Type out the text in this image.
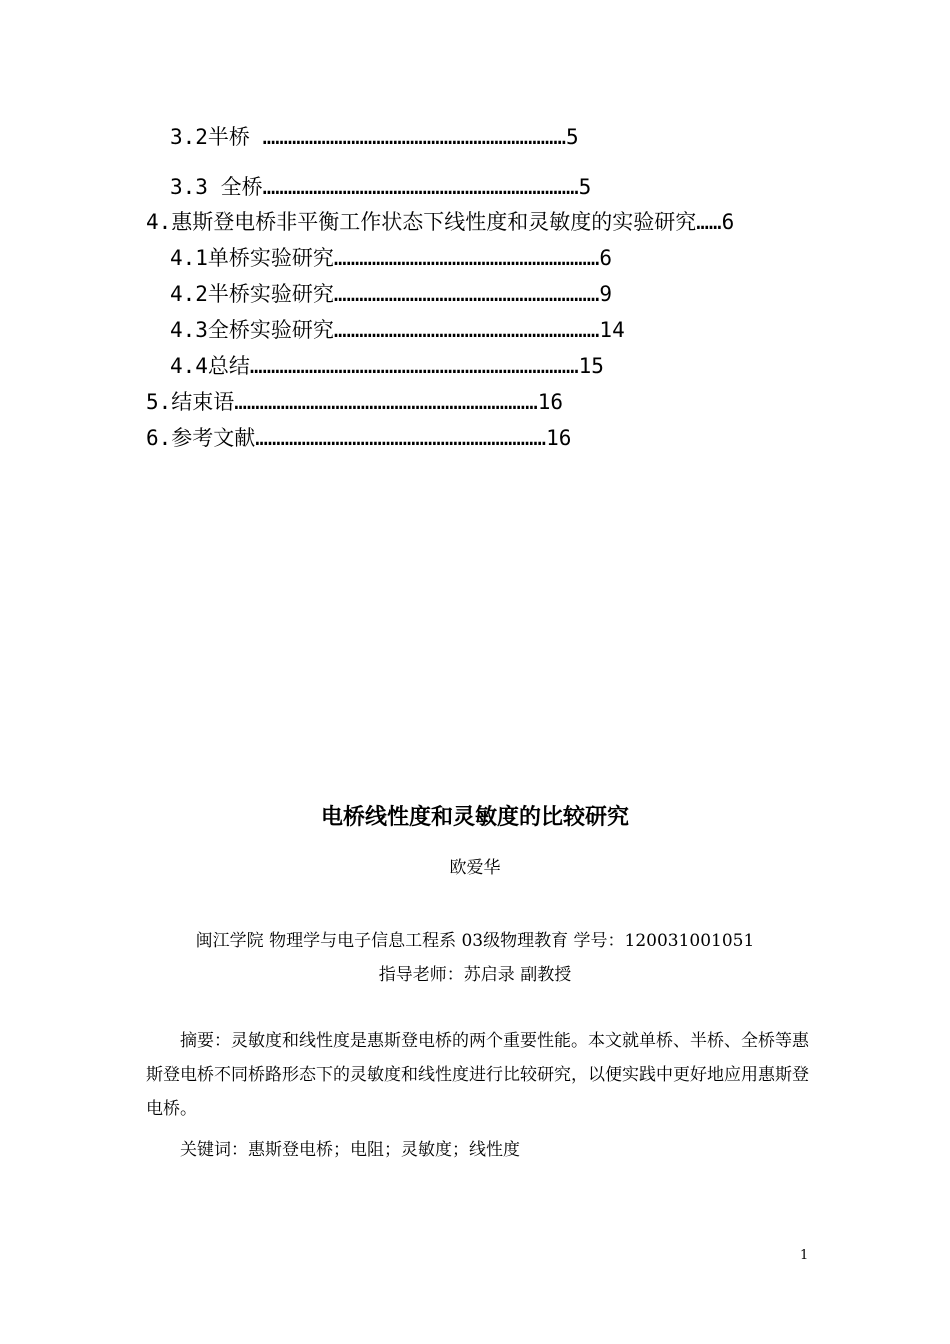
3.2半桥 ………………………………………………………………5
3.3 全桥…………………………………………………………………5
4.惠斯登电桥非平衡工作状态下线性度和灵敏度的实验研究……6
4.1单桥实验研究………………………………………………………6
4.2半桥实验研究………………………………………………………9
4.3全桥实验研究………………………………………………………14
4.4总结……………………………………………………………………15
5.结束语………………………………………………………………16
6.参考文献……………………………………………………………16
电桥线性度和灵敏度的比较研究
欧爱华
闽江学院 物理学与电子信息工程系 03级物理教育 学号：120031001051
指导老师：苏启录 副教授
摘要：灵敏度和线性度是惠斯登电桥的两个重要性能。本文就单桥、半桥、全桥等惠斯登电桥不同桥路形态下的灵敏度和线性度进行比较研究，以便实践中更好地应用惠斯登电桥。
关键词：惠斯登电桥；电阻；灵敏度；线性度
1
